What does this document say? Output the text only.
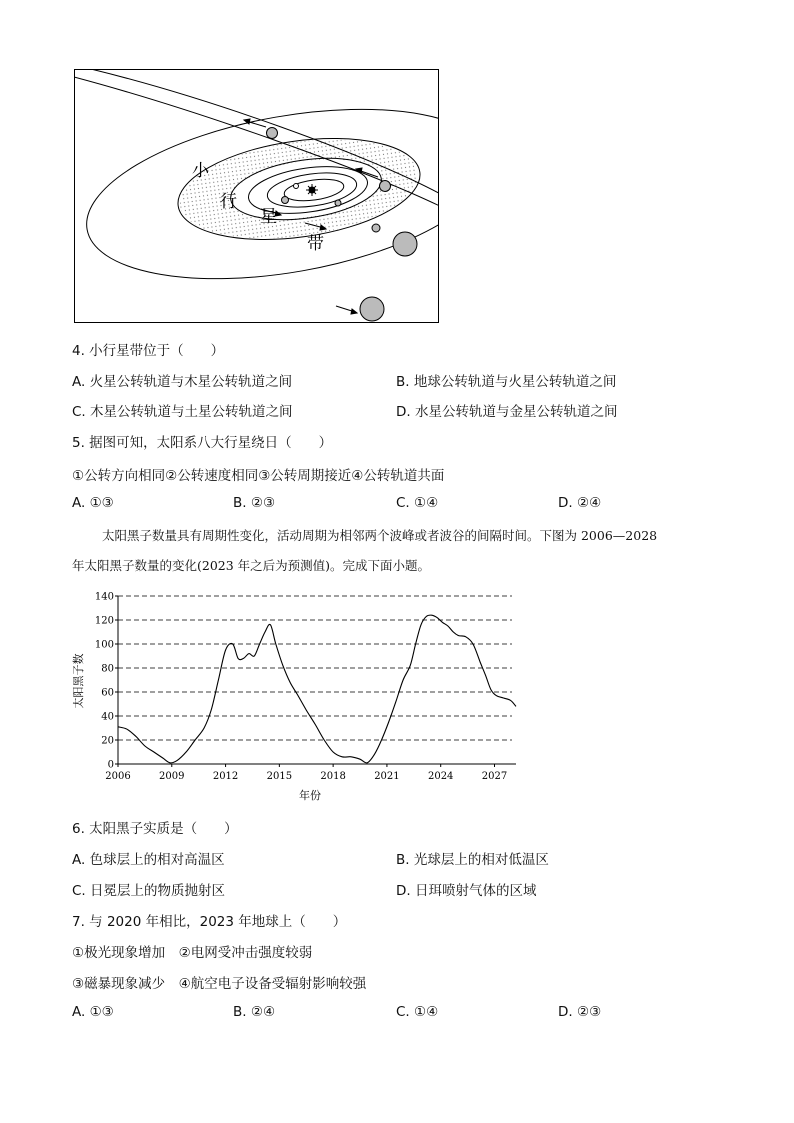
小
行
星
带
4. 小行星带位于（　　）
A. 火星公转轨道与木星公转轨道之间	B. 地球公转轨道与火星公转轨道之间
C. 木星公转轨道与土星公转轨道之间	D. 水星公转轨道与金星公转轨道之间
5. 据图可知，太阳系八大行星绕日（　　）
①公转方向相同②公转速度相同③公转周期接近④公转轨道共面
A. ①③	B. ②③	C. ①④	D. ②④
太阳黑子数量具有周期性变化，活动周期为相邻两个波峰或者波谷的间隔时间。下图为 2006—2028
年太阳黑子数量的变化(2023 年之后为预测值)。完成下面小题。
0
20
40
60
80
100
120
140
2006	2009	2012	2015	2018	2021	2024	2027
太阳黑子数
年份
6. 太阳黑子实质是（　　）
A. 色球层上的相对高温区	B. 光球层上的相对低温区
C. 日冕层上的物质抛射区	D. 日珥喷射气体的区域
7. 与 2020 年相比，2023 年地球上（　　）
①极光现象增加　②电网受冲击强度较弱
③磁暴现象减少　④航空电子设备受辐射影响较强
A. ①③	B. ②④	C. ①④	D. ②③
